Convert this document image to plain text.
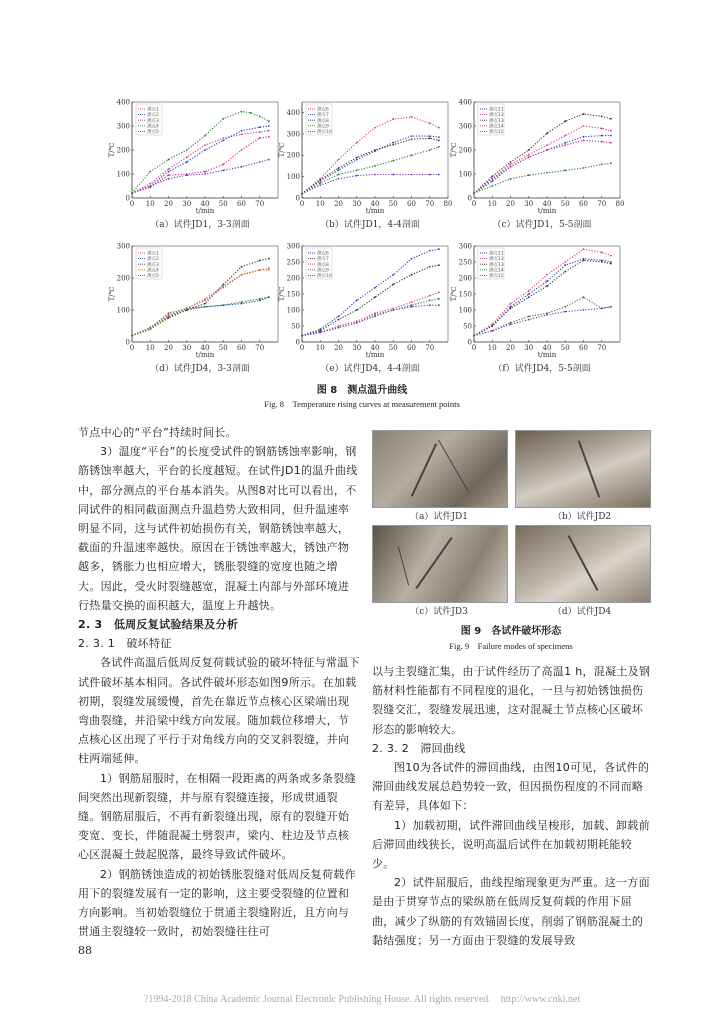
0
100
200
300
400
0 10 20 30 40 50 60 70
t/min
T/℃
测点1
测点2
测点3
测点4
测点5
（a）试件JD1，3-3剖面
0
100
200
300
400
0 10 20 30 40 50 60 70 80
t/min
T/℃
测点6
测点7
测点8
测点9
测点10
（b）试件JD1，4-4剖面
0
100
200
300
400
0 10 20 30 40 50 60 70 80
t/min
T/℃
测点11
测点12
测点13
测点14
测点15
（c）试件JD1，5-5剖面
0
100
200
300
0 10 20 30 40 50 60 70
t/min
T/℃
测点1
测点2
测点3
测点4
测点5
（d）试件JD4，3-3剖面
0
50
100
150
200
250
300
0 10 20 30 40 50 60 70
t/min
T/℃
测点6
测点7
测点8
测点9
测点10
（e）试件JD4，4-4剖面
0
50
100
150
200
250
300
0 10 20 30 40 50 60 70
t/min
T/℃
测点11
测点12
测点13
测点14
测点15
（f）试件JD4，5-5剖面
图 8　测点温升曲线
Fig. 8　Temperature rising curves at measurement points

节点中心的“平台”持续时间长。

3）温度“平台”的长度受试件的钢筋锈蚀率影响，钢筋锈蚀率越大，平台的长度越短。在试件JD1的温升曲线中，部分测点的平台基本消失。从图8对比可以看出，不同试件的相同截面测点升温趋势大致相同，但升温速率明显不同，这与试件初始损伤有关，钢筋锈蚀率越大，截面的升温速率越快。原因在于锈蚀率越大，锈蚀产物越多，锈胀力也相应增大，锈胀裂缝的宽度也随之增大。因此，受火时裂缝越宽，混凝土内部与外部环境进行热量交换的面积越大，温度上升越快。

2. 3　低周反复试验结果及分析

2. 3. 1　破坏特征

各试件高温后低周反复荷载试验的破坏特征与常温下试件破坏基本相同。各试件破坏形态如图9所示。在加载初期，裂缝发展缓慢，首先在靠近节点核心区梁端出现弯曲裂缝，并沿梁中线方向发展。随加载位移增大，节点核心区出现了平行于对角线方向的交叉斜裂缝，并向柱两端延伸。

1）钢筋屈服时，在相隔一段距离的两条或多条裂缝间突然出现新裂缝，并与原有裂缝连接，形成贯通裂缝。钢筋屈服后，不再有新裂缝出现，原有的裂缝开始变宽、变长，伴随混凝土劈裂声，梁内、柱边及节点核心区混凝土鼓起脱落，最终导致试件破坏。

2）钢筋锈蚀造成的初始锈胀裂缝对低周反复荷载作用下的裂缝发展有一定的影响，这主要受裂缝的位置和方向影响。当初始裂缝位于贯通主裂缝附近，且方向与贯通主裂缝较一致时，初始裂缝往往可

（a）试件JD1	（b）试件JD2
（c）试件JD3	（d）试件JD4
图 9　各试件破坏形态
Fig. 9　Failure modes of specimens

以与主裂缝汇集，由于试件经历了高温1 h，混凝土及钢筋材料性能都有不同程度的退化，一旦与初始锈蚀损伤裂缝交汇，裂缝发展迅速，这对混凝土节点核心区破坏形态的影响较大。

2. 3. 2　滞回曲线

图10为各试件的滞回曲线，由图10可见，各试件的滞回曲线发展总趋势较一致，但因损伤程度的不同而略有差异，具体如下：

1）加载初期，试件滞回曲线呈梭形，加载、卸载前后滞回曲线狭长，说明高温后试件在加载初期耗能较少。

2）试件屈服后，曲线捏缩现象更为严重。这一方面是由于贯穿节点的梁纵筋在低周反复荷载的作用下屈曲，减少了纵筋的有效锚固长度，削弱了钢筋混凝土的黏结强度；另一方面由于裂缝的发展导致

88
?1994-2018 China Academic Journal Electronic Publishing House. All rights reserved.　http://www.cnki.net
